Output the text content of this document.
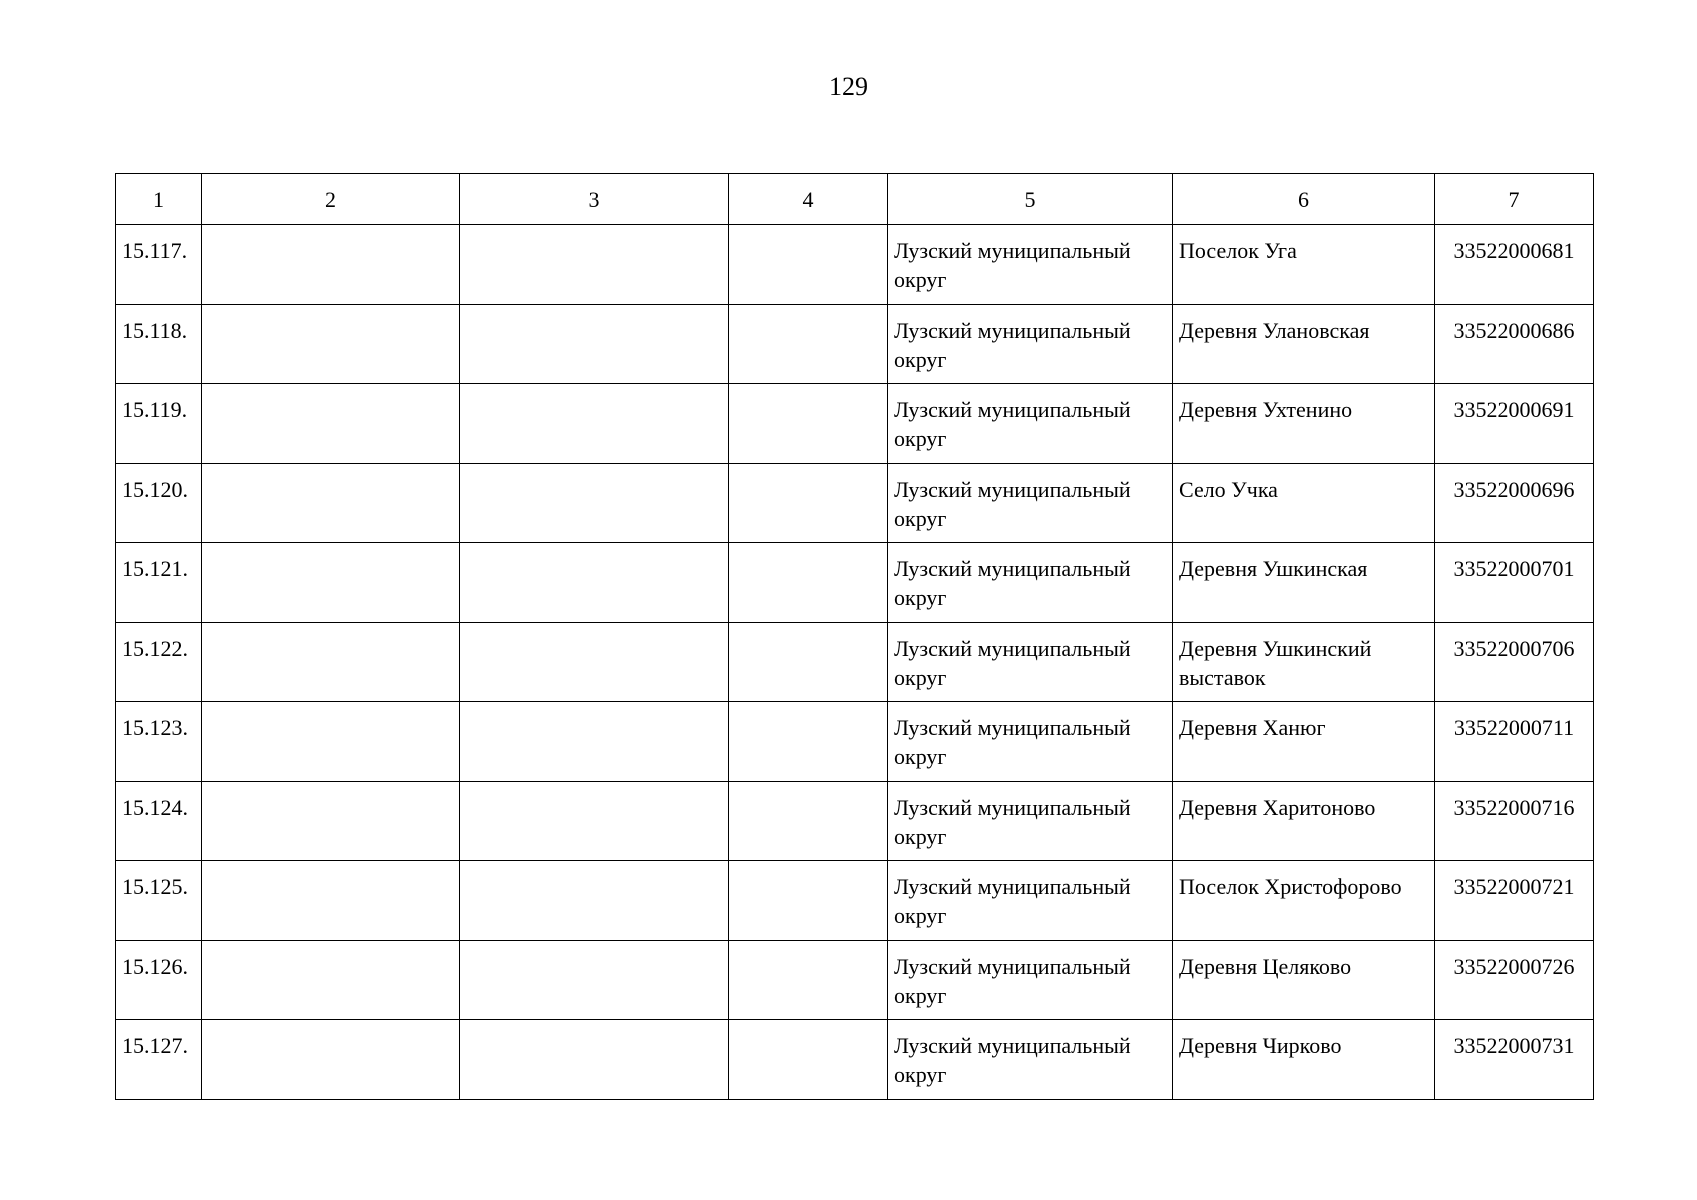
129
1	2	3	4	5	6	7
15.117.				Лузский муниципальный округ	Поселок Уга	33522000681
15.118.				Лузский муниципальный округ	Деревня Улановская	33522000686
15.119.				Лузский муниципальный округ	Деревня Ухтенино	33522000691
15.120.				Лузский муниципальный округ	Село Учка	33522000696
15.121.				Лузский муниципальный округ	Деревня Ушкинская	33522000701
15.122.				Лузский муниципальный округ	Деревня Ушкинский выставок	33522000706
15.123.				Лузский муниципальный округ	Деревня Ханюг	33522000711
15.124.				Лузский муниципальный округ	Деревня Харитоново	33522000716
15.125.				Лузский муниципальный округ	Поселок Христофорово	33522000721
15.126.				Лузский муниципальный округ	Деревня Целяково	33522000726
15.127.				Лузский муниципальный округ	Деревня Чирково	33522000731
